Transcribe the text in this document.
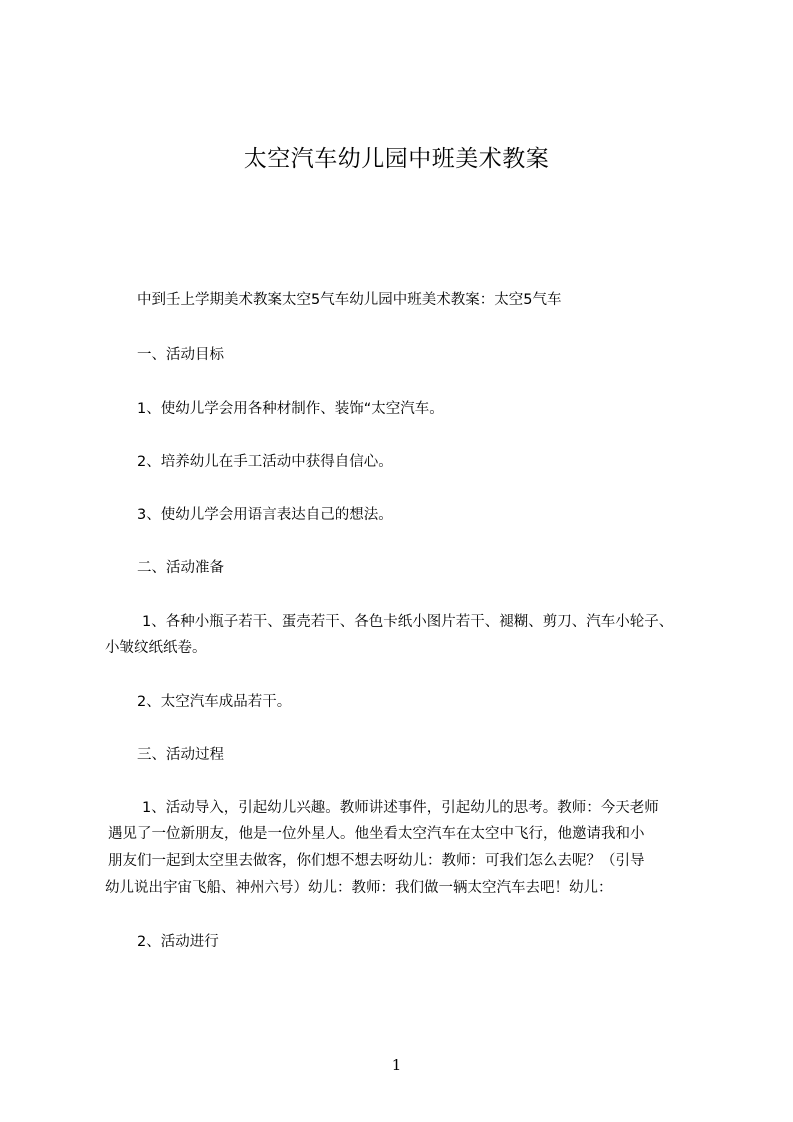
太空汽车幼儿园中班美术教案
中到壬上学期美术教案太空5气车幼儿园中班美术教案：太空5气车
一、活动目标
1、使幼儿学会用各种材制作、装饰“太空汽车。
2、培养幼儿在手工活动中获得自信心。
3、使幼儿学会用语言表达自己的想法。
二、活动准备
1、各种小瓶子若干、蛋壳若干、各色卡纸小图片若干、褪糊、剪刀、汽车小轮子、
小皱纹纸纸卷。
2、太空汽车成品若干。
三、活动过程
1、活动导入，引起幼儿兴趣。教师讲述事件，引起幼儿的思考。教师：今天老师
遇见了一位新朋友，他是一位外星人。他坐看太空汽车在太空中飞行，他邀请我和小
朋友们一起到太空里去做客，你们想不想去呀幼儿：教师：可我们怎么去呢？（引导
幼儿说出宇宙飞船、神州六号）幼儿：教师：我们做一辆太空汽车去吧！幼儿：
2、活动进行
1
